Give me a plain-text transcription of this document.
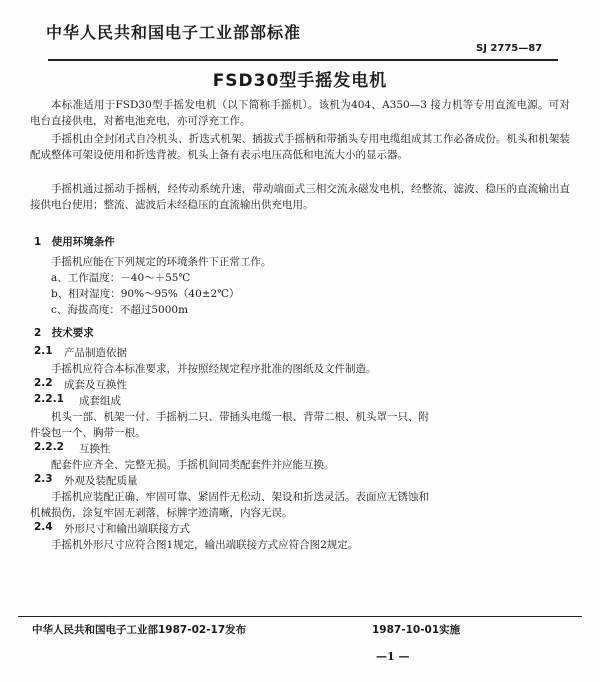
中华人民共和国电子工业部部标准
SJ 2775—87
FSD30型手摇发电机
本标准适用于FSD30型手摇发电机（以下简称手摇机）。该机为404、A350—3 接力机等专用直流电源。可对电台直接供电，对蓄电池充电，亦可浮充工作。
手摇机由全封闭式自冷机头、折迭式机架、插拔式手摇柄和带插头专用电缆组成其工作必备成份。机头和机架装配成整体可架设使用和折迭背被。机头上备有表示电压高低和电流大小的显示器。
手摇机通过摇动手摇柄，经传动系统升速，带动端面式三相交流永磁发电机，经整流、滤波、稳压的直流输出直接供电台使用；整流、滤波后未经稳压的直流输出供充电用。
1　使用环境条件
手摇机应能在下列规定的环境条件下正常工作。
a、工作温度：－40～＋55℃
b、相对湿度：90%～95%（40±2℃）
c、海拔高度：不超过5000m
2　技术要求
2.1 产品制造依据
手摇机应符合本标准要求，并按照经规定程序批准的图纸及文件制造。
2.2 成套及互换性
2.2.1 成套组成
机头一部、机架一付、手摇柄二只、带插头电缆一根、背带二根、机头罩一只、附
件袋包一个、胸带一根。
2.2.2 互换性
配套件应齐全、完整无损。手摇机间同类配套件并应能互换。
2.3 外观及装配质量
手摇机应装配正确、牢固可靠、紧固件无松动、架设和折迭灵活。表面应无锈蚀和
机械损伤，涂复牢固无剥落，标牌字迹清晰，内容无误。
2.4 外形尺寸和输出端联接方式
手摇机外形尺寸应符合图1规定，输出端联接方式应符合图2规定。
中华人民共和国电子工业部1987-02-17发布	1987-10-01实施
—1 —
